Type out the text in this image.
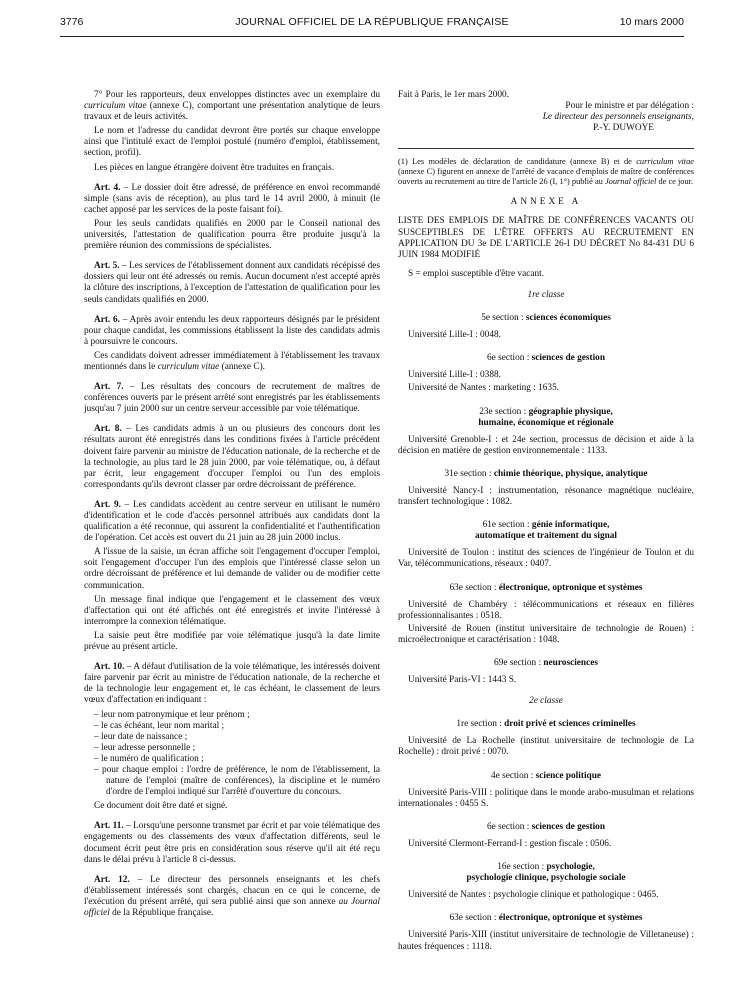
3776	JOURNAL OFFICIEL DE LA RÉPUBLIQUE FRANÇAISE	10 mars 2000

7° Pour les rapporteurs, deux enveloppes distinctes avec un exemplaire du curriculum vitae (annexe C), comportant une présentation analytique de leurs travaux et de leurs activités.

Le nom et l'adresse du candidat devront être portés sur chaque enveloppe ainsi que l'intitulé exact de l'emploi postulé (numéro d'emploi, établissement, section, profil).

Les pièces en langue étrangère doivent être traduites en français.

Art. 4. – Le dossier doit être adressé, de préférence en envoi recommandé simple (sans avis de réception), au plus tard le 14 avril 2000, à minuit (le cachet apposé par les services de la poste faisant foi).

Pour les seuls candidats qualifiés en 2000 par le Conseil national des universités, l'attestation de qualification pourra être produite jusqu'à la première réunion des commissions de spécialistes.

Art. 5. – Les services de l'établissement donnent aux candidats récépissé des dossiers qui leur ont été adressés ou remis. Aucun document n'est accepté après la clôture des inscriptions, à l'exception de l'attestation de qualification pour les seuls candidats qualifiés en 2000.

Art. 6. – Après avoir entendu les deux rapporteurs désignés par le président pour chaque candidat, les commissions établissent la liste des candidats admis à poursuivre le concours.

Ces candidats doivent adresser immédiatement à l'établissement les travaux mentionnés dans le curriculum vitae (annexe C).

Art. 7. – Les résultats des concours de recrutement de maîtres de conférences ouverts par le présent arrêté sont enregistrés par les établissements jusqu'au 7 juin 2000 sur un centre serveur accessible par voie télématique.

Art. 8. – Les candidats admis à un ou plusieurs des concours dont les résultats auront été enregistrés dans les conditions fixées à l'article précédent doivent faire parvenir au ministre de l'éducation nationale, de la recherche et de la technologie, au plus tard le 28 juin 2000, par voie télématique, ou, à défaut par écrit, leur engagement d'occuper l'emploi ou l'un des emplois correspondants qu'ils devront classer par ordre décroissant de préférence.

Art. 9. – Les candidats accèdent au centre serveur en utilisant le numéro d'identification et le code d'accès personnel attribués aux candidats dont la qualification a été reconnue, qui assurent la confidentialité et l'authentification de l'opération. Cet accès est ouvert du 21 juin au 28 juin 2000 inclus.

A l'issue de la saisie, un écran affiche soit l'engagement d'occuper l'emploi, soit l'engagement d'occuper l'un des emplois que l'intéressé classe selon un ordre décroissant de préférence et lui demande de valider ou de modifier cette communication.

Un message final indique que l'engagement et le classement des vœux d'affectation qui ont été affichés ont été enregistrés et invite l'intéressé à interrompre la connexion télématique.

La saisie peut être modifiée par voie télématique jusqu'à la date limite prévue au présent article.

Art. 10. – A défaut d'utilisation de la voie télématique, les intéressés doivent faire parvenir par écrit au ministre de l'éducation nationale, de la recherche et de la technologie leur engagement et, le cas échéant, le classement de leurs vœux d'affectation en indiquant :

– leur nom patronymique et leur prénom ;
– le cas échéant, leur nom marital ;
– leur date de naissance ;
– leur adresse personnelle ;
– le numéro de qualification ;
– pour chaque emploi : l'ordre de préférence, le nom de l'établissement, la nature de l'emploi (maître de conférences), la discipline et le numéro d'ordre de l'emploi indiqué sur l'arrêté d'ouverture du concours.

Ce document doit être daté et signé.

Art. 11. – Lorsqu'une personne transmet par écrit et par voie télématique des engagements ou des classements des vœux d'affectation différents, seul le document écrit peut être pris en considération sous réserve qu'il ait été reçu dans le délai prévu à l'article 8 ci-dessus.

Art. 12. – Le directeur des personnels enseignants et les chefs d'établissement intéressés sont chargés, chacun en ce qui le concerne, de l'exécution du présent arrêté, qui sera publié ainsi que son annexe au Journal officiel de la République française.

Fait à Paris, le 1er mars 2000.

Pour le ministre et par délégation :

Le directeur des personnels enseignants,

P.-Y. DUWOYE

(1) Les modèles de déclaration de candidature (annexe B) et de curriculum vitae (annexe C) figurent en annexe de l'arrêté de vacance d'emplois de maître de conférences ouverts au recrutement au titre de l'article 26 (I, 1°) publié au Journal officiel de ce jour.

ANNEXE A

LISTE DES EMPLOIS DE MAÎTRE DE CONFÉRENCES VACANTS OU SUSCEPTIBLES DE L'ÊTRE OFFERTS AU RECRUTEMENT EN APPLICATION DU 3e DE L'ARTICLE 26-I DU DÉCRET No 84-431 DU 6 JUIN 1984 MODIFIÉ

S = emploi susceptible d'être vacant.

1re classe

5e section : sciences économiques

Université Lille-I : 0048.

6e section : sciences de gestion

Université Lille-I : 0388.

Université de Nantes : marketing : 1635.

23e section : géographie physique,
humaine, économique et régionale

Université Grenoble-I : et 24e section, processus de décision et aide à la décision en matière de gestion environnementale : 1133.

31e section : chimie théorique, physique, analytique

Université Nancy-I : instrumentation, résonance magnétique nucléaire, transfert technologique : 1082.

61e section : génie informatique,
automatique et traitement du signal

Université de Toulon : institut des sciences de l'ingénieur de Toulon et du Var, télécommunications, réseaux : 0407.

63e section : électronique, optronique et systèmes

Université de Chambéry : télécommunications et réseaux en filières professionnalisantes : 0518.

Université de Rouen (institut universitaire de technologie de Rouen) : microélectronique et caractérisation : 1048.

69e section : neurosciences

Université Paris-VI : 1443 S.

2e classe

1re section : droit privé et sciences criminelles

Université de La Rochelle (institut universitaire de technologie de La Rochelle) : droit privé : 0070.

4e section : science politique

Université Paris-VIII : politique dans le monde arabo-musulman et relations internationales : 0455 S.

6e section : sciences de gestion

Université Clermont-Ferrand-I : gestion fiscale : 0506.

16e section : psychologie,
psychologie clinique, psychologie sociale

Université de Nantes : psychologie clinique et pathologique : 0465.

63e section : électronique, optronique et systèmes

Université Paris-XIII (institut universitaire de technologie de Villetaneuse) : hautes fréquences : 1118.
